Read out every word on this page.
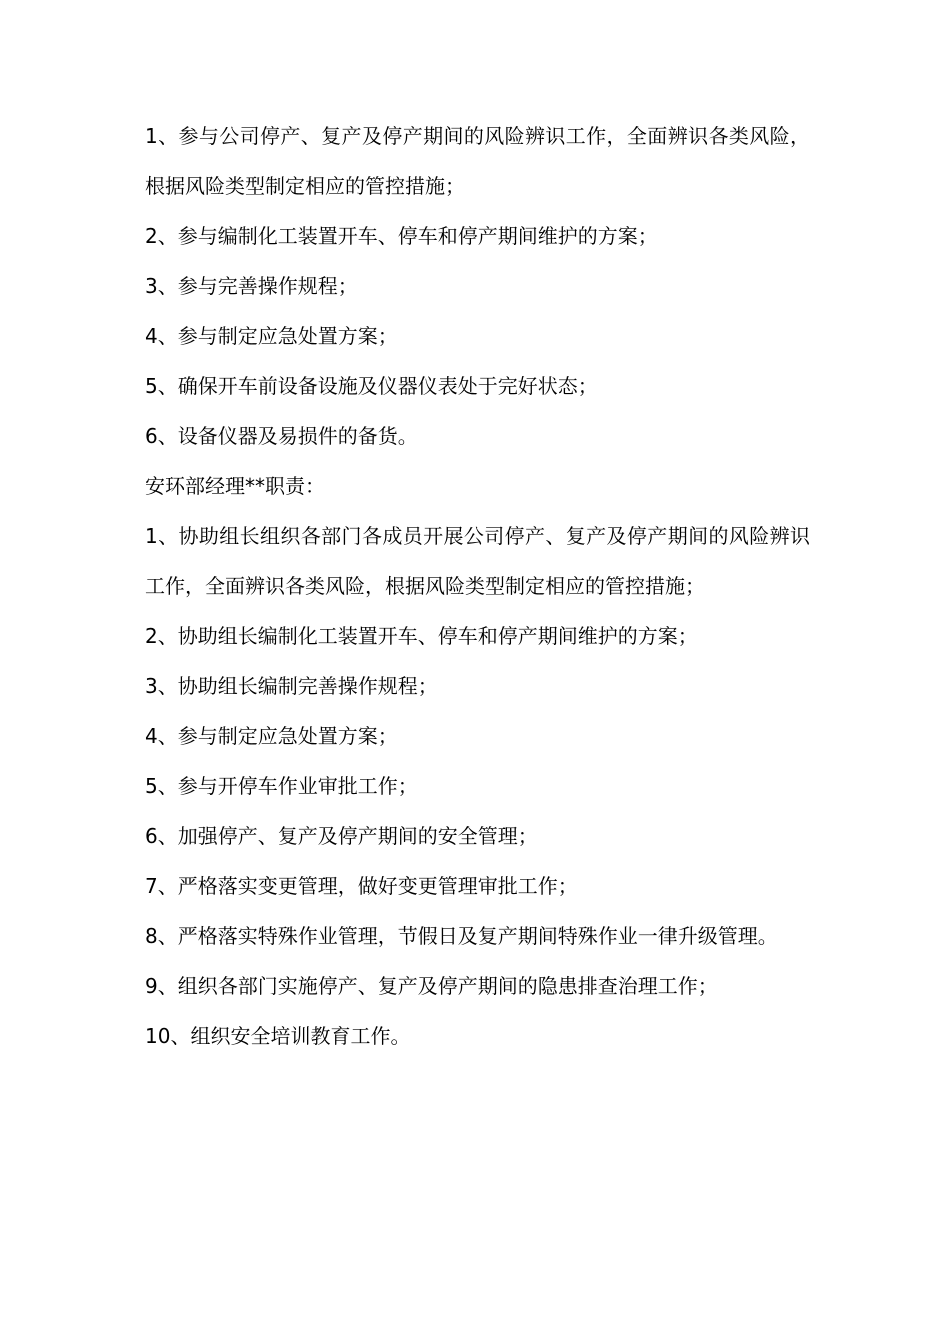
1、参与公司停产、复产及停产期间的风险辨识工作，全面辨识各类风险，根据风险类型制定相应的管控措施；

2、参与编制化工装置开车、停车和停产期间维护的方案；

3、参与完善操作规程；

4、参与制定应急处置方案；

5、确保开车前设备设施及仪器仪表处于完好状态；

6、设备仪器及易损件的备货。

安环部经理**职责：

1、协助组长组织各部门各成员开展公司停产、复产及停产期间的风险辨识工作，全面辨识各类风险，根据风险类型制定相应的管控措施；

2、协助组长编制化工装置开车、停车和停产期间维护的方案；

3、协助组长编制完善操作规程；

4、参与制定应急处置方案；

5、参与开停车作业审批工作；

6、加强停产、复产及停产期间的安全管理；

7、严格落实变更管理，做好变更管理审批工作；

8、严格落实特殊作业管理，节假日及复产期间特殊作业一律升级管理。

9、组织各部门实施停产、复产及停产期间的隐患排查治理工作；

10、组织安全培训教育工作。
